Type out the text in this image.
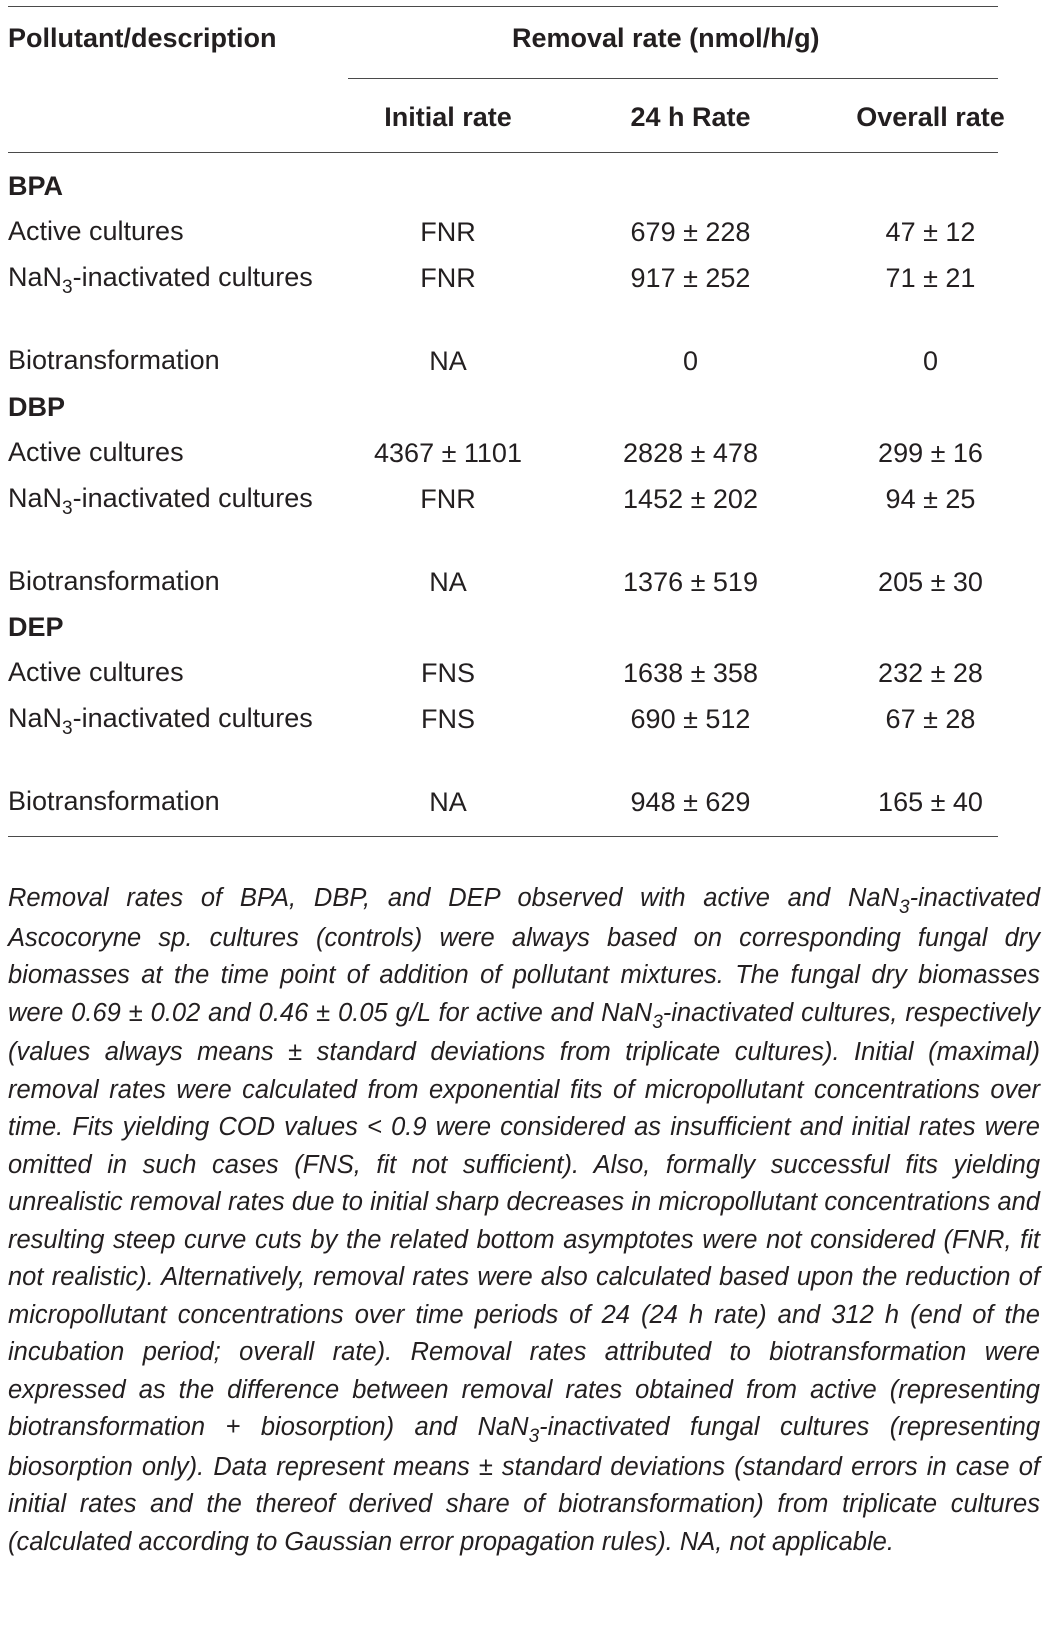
Pollutant/description	Removal rate (nmol/h/g)
Initial rate	24 h Rate	Overall rate
BPA
Active cultures	FNR	679 ± 228	47 ± 12
NaN$_3$-inactivated cultures	FNR	917 ± 252	71 ± 21
Biotransformation	NA	0	0
DBP
Active cultures	4367 ± 1101	2828 ± 478	299 ± 16
NaN$_3$-inactivated cultures	FNR	1452 ± 202	94 ± 25
Biotransformation	NA	1376 ± 519	205 ± 30
DEP
Active cultures	FNS	1638 ± 358	232 ± 28
NaN$_3$-inactivated cultures	FNS	690 ± 512	67 ± 28
Biotransformation	NA	948 ± 629	165 ± 40
Removal rates of BPA, DBP, and DEP observed with active and NaN$_3$-inactivated Ascocoryne sp. cultures (controls) were always based on corresponding fungal dry biomasses at the time point of addition of pollutant mixtures. The fungal dry biomasses were 0.69 ± 0.02 and 0.46 ± 0.05 g/L for active and NaN$_3$-inactivated cultures, respectively (values always means ± standard deviations from triplicate cultures). Initial (maximal) removal rates were calculated from exponential fits of micropollutant concentrations over time. Fits yielding COD values < 0.9 were considered as insufficient and initial rates were omitted in such cases (FNS, fit not sufficient). Also, formally successful fits yielding unrealistic removal rates due to initial sharp decreases in micropollutant concentrations and resulting steep curve cuts by the related bottom asymptotes were not considered (FNR, fit not realistic). Alternatively, removal rates were also calculated based upon the reduction of micropollutant concentrations over time periods of 24 (24 h rate) and 312 h (end of the incubation period; overall rate). Removal rates attributed to biotransformation were expressed as the difference between removal rates obtained from active (representing biotransformation + biosorption) and NaN$_3$-inactivated fungal cultures (representing biosorption only). Data represent means ± standard deviations (standard errors in case of initial rates and the thereof derived share of biotransformation) from triplicate cultures (calculated according to Gaussian error propagation rules). NA, not applicable.
